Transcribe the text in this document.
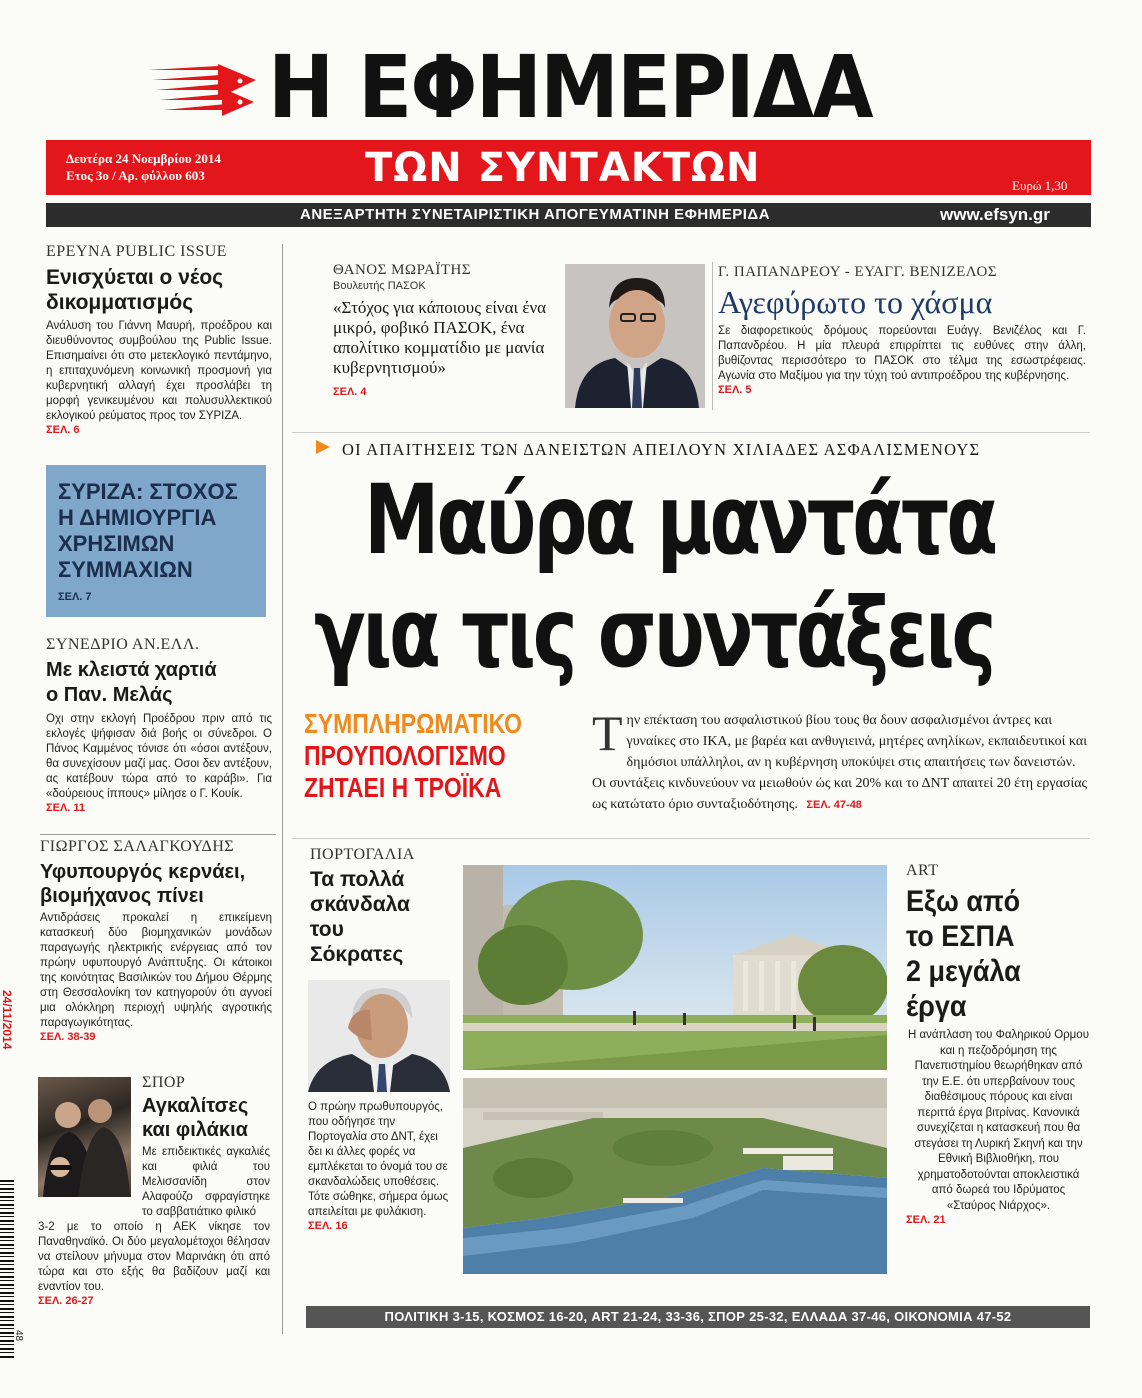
Η ΕΦΗΜΕΡΙΔΑ
Δευτέρα 24 Νοεμβρίου 2014
Ετος 3ο / Αρ. φύλλου 603	ΤΩΝ ΣΥΝΤΑΚΤΩΝ	Ευρώ 1,30
ΑΝΕΞΑΡΤΗΤΗ ΣΥΝΕΤΑΙΡΙΣΤΙΚΗ ΑΠΟΓΕΥΜΑΤΙΝΗ ΕΦΗΜΕΡΙΔΑ	www.efsyn.gr
ΕΡΕΥΝΑ PUBLIC ISSUE
Ενισχύεται ο νέος
δικομματισμός
Ανάλυση του Γιάννη Μαυρή, προέδρου και διευθύνοντος συμβούλου της Public Issue. Επισημαίνει ότι στο μετεκλογικό πεντάμηνο, η επιταχυνόμενη κοινωνική προσμονή για κυβερνητική αλλαγή έχει προσλάβει τη μορφή γενικευμένου και πολυσυλλεκτικού εκλογικού ρεύματος προς τον ΣΥΡΙΖΑ.
ΣΕΛ. 6
ΣΥΡΙΖΑ: ΣΤΟΧΟΣ
Η ΔΗΜΙΟΥΡΓΙΑ
ΧΡΗΣΙΜΩΝ
ΣΥΜΜΑΧΙΩΝ
ΣΕΛ. 7
ΣΥΝΕΔΡΙΟ ΑΝ.ΕΛΛ.
Με κλειστά χαρτιά
ο Παν. Μελάς
Οχι στην εκλογή Προέδρου πριν από τις εκλογές ψήφισαν διά βοής οι σύνεδροι. Ο Πάνος Καμμένος τόνισε ότι «όσοι αντέξουν, θα συνεχίσουν μαζί μας. Οσοι δεν αντέξουν, ας κατέβουν τώρα από το καράβι». Για «δούρειους ίππους» μίλησε ο Γ. Κουίκ.
ΣΕΛ. 11
ΓΙΩΡΓΟΣ ΣΑΛΑΓΚΟΥΔΗΣ
Υφυπουργός κερνάει,
βιομήχανος πίνει
Αντιδράσεις προκαλεί η επικείμενη κατασκευή δύο βιομηχανικών μονάδων παραγωγής ηλεκτρικής ενέργειας από τον πρώην υφυπουργό Ανάπτυξης. Οι κάτοικοι της κοινότητας Βασιλικών του Δήμου Θέρμης στη Θεσσαλονίκη τον κατηγορούν ότι αγνοεί μια ολόκληρη περιοχή υψηλής αγροτικής παραγωγικότητας.
ΣΕΛ. 38-39
ΣΠΟΡ
Αγκαλίτσες
και φιλάκια
Με επιδεικτικές αγκαλιές και φιλιά του Μελισσανίδη στον Αλαφούζο σφραγίστηκε το σαββατιάτικο φιλικό
3-2 με το οποίο η ΑΕΚ νίκησε τον Παναθηναϊκό. Οι δύο μεγαλομέτοχοι θέλησαν να στείλουν μήνυμα στον Μαρινάκη ότι από τώρα και στο εξής θα βαδίζουν μαζί και εναντίον του.
ΣΕΛ. 26-27
24/11/2014
48
ΘΑΝΟΣ ΜΩΡΑΪΤΗΣ
Βουλευτής ΠΑΣΟΚ
«Στόχος για κάποιους είναι ένα μικρό, φοβικό ΠΑΣΟΚ, ένα απολίτικο κομματίδιο με μανία κυβερνητισμού»
ΣΕΛ. 4
Γ. ΠΑΠΑΝΔΡΕΟΥ - ΕΥΑΓΓ. ΒΕΝΙΖΕΛΟΣ
Αγεφύρωτο το χάσμα
Σε διαφορετικούς δρόμους πορεύονται Ευάγγ. Βενιζέλος και Γ. Παπανδρέου. Η μία πλευρά επιρρίπτει τις ευθύνες στην άλλη, βυθίζοντας περισσότερο το ΠΑΣΟΚ στο τέλμα της εσωστρέφειας. Αγωνία στο Μαξίμου για την τύχη τού αντιπροέδρου της κυβέρνησης.
ΣΕΛ. 5
ΟΙ ΑΠΑΙΤΗΣΕΙΣ ΤΩΝ ΔΑΝΕΙΣΤΩΝ ΑΠΕΙΛΟΥΝ ΧΙΛΙΑΔΕΣ ΑΣΦΑΛΙΣΜΕΝΟΥΣ
Μαύρα μαντάτα
για τις συντάξεις
ΣΥΜΠΛΗΡΩΜΑΤΙΚΟ
ΠΡΟΥΠΟΛΟΓΙΣΜΟ
ΖΗΤΑΕΙ Η ΤΡΟΪΚΑ
Τ ην επέκταση του ασφαλιστικού βίου τους θα δουν ασφαλισμένοι άντρες και γυναίκες στο ΙΚΑ, με βαρέα και ανθυγιεινά, μητέρες ανηλίκων, εκπαιδευτικοί και δημόσιοι υπάλληλοι, αν η κυβέρνηση υποκύψει στις απαιτήσεις των δανειστών. Οι συντάξεις κινδυνεύουν να μειωθούν ώς και 20% και το ΔΝΤ απαιτεί 20 έτη εργασίας ως κατώτατο όριο συνταξιοδότησης. ΣΕΛ. 47-48
ΠΟΡΤΟΓΑΛΙΑ
Τα πολλά
σκάνδαλα
του
Σόκρατες
Ο πρώην πρωθυπουργός, που οδήγησε την Πορτογαλία στο ΔΝΤ, έχει δει κι άλλες φορές να εμπλέκεται το όνομά του σε σκανδαλώδεις υποθέσεις. Τότε σώθηκε, σήμερα όμως απειλείται με φυλάκιση.
ΣΕΛ. 16
ART
Εξω από
το ΕΣΠΑ
2 μεγάλα
έργα
Η ανάπλαση του Φαληρικού Ορμου και η πεζοδρόμηση της Πανεπιστημίου θεωρήθηκαν από την Ε.Ε. ότι υπερβαίνουν τους διαθέσιμους πόρους και είναι περιττά έργα βιτρίνας. Κανονικά συνεχίζεται η κατασκευή που θα στεγάσει τη Λυρική Σκηνή και την Εθνική Βιβλιοθήκη, που χρηματοδοτούνται αποκλειστικά από δωρεά του Ιδρύματος «Σταύρος Νιάρχος».
ΣΕΛ. 21
ΠΟΛΙΤΙΚΗ 3-15, ΚΟΣΜΟΣ 16-20, ART 21-24, 33-36, ΣΠΟΡ 25-32, ΕΛΛΑΔΑ 37-46, ΟΙΚΟΝΟΜΙΑ 47-52
